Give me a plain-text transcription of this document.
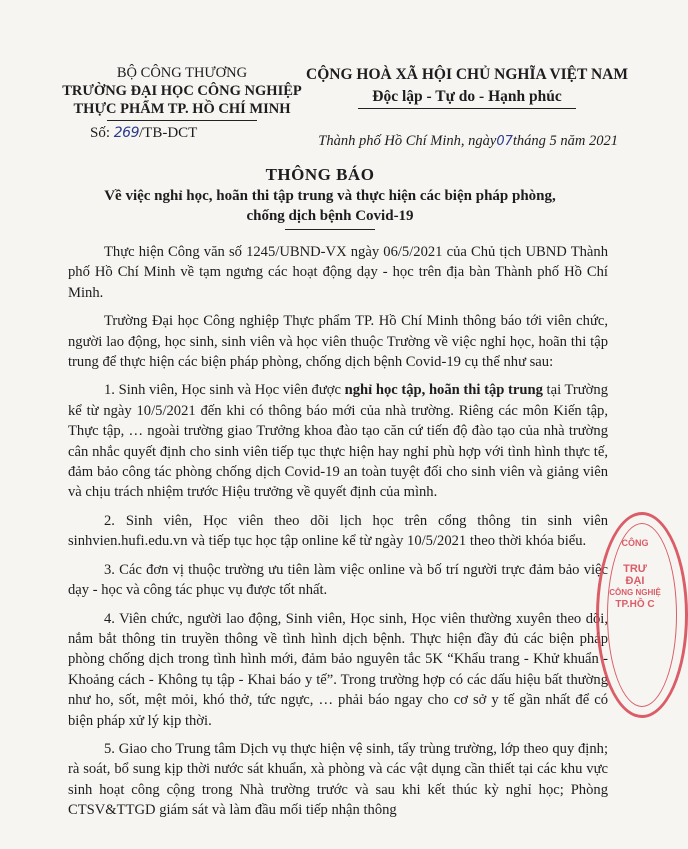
BỘ CÔNG THƯƠNG
TRƯỜNG ĐẠI HỌC CÔNG NGHIỆP
THỰC PHẨM TP. HỒ CHÍ MINH
Số: 269/TB-DCT
CỘNG HOÀ XÃ HỘI CHỦ NGHĨA VIỆT NAM
Độc lập - Tự do - Hạnh phúc
Thành phố Hồ Chí Minh, ngày07tháng 5 năm 2021
THÔNG BÁO
Về việc nghỉ học, hoãn thi tập trung và thực hiện các biện pháp phòng,
chống dịch bệnh Covid-19

Thực hiện Công văn số 1245/UBND-VX ngày 06/5/2021 của Chủ tịch UBND Thành phố Hồ Chí Minh về tạm ngưng các hoạt động dạy - học trên địa bàn Thành phố Hồ Chí Minh.

Trường Đại học Công nghiệp Thực phẩm TP. Hồ Chí Minh thông báo tới viên chức, người lao động, học sinh, sinh viên và học viên thuộc Trường về việc nghỉ học, hoãn thi tập trung để thực hiện các biện pháp phòng, chống dịch bệnh Covid-19 cụ thể như sau:

1. Sinh viên, Học sinh và Học viên được nghỉ học tập, hoãn thi tập trung tại Trường kể từ ngày 10/5/2021 đến khi có thông báo mới của nhà trường. Riêng các môn Kiến tập, Thực tập, … ngoài trường giao Trưởng khoa đào tạo căn cứ tiến độ đào tạo của nhà trường cân nhắc quyết định cho sinh viên tiếp tục thực hiện hay nghỉ phù hợp với tình hình thực tế, đảm bảo công tác phòng chống dịch Covid-19 an toàn tuyệt đối cho sinh viên và giảng viên và chịu trách nhiệm trước Hiệu trưởng về quyết định của mình.

2. Sinh viên, Học viên theo dõi lịch học trên cổng thông tin sinh viên sinhvien.hufi.edu.vn và tiếp tục học tập online kể từ ngày 10/5/2021 theo thời khóa biểu.

3. Các đơn vị thuộc trường ưu tiên làm việc online và bố trí người trực đảm bảo việc dạy - học và công tác phục vụ được tốt nhất.

4. Viên chức, người lao động, Sinh viên, Học sinh, Học viên thường xuyên theo dõi, nắm bắt thông tin truyền thông về tình hình dịch bệnh. Thực hiện đầy đủ các biện pháp phòng chống dịch trong tình hình mới, đảm bảo nguyên tắc 5K “Khẩu trang - Khử khuẩn - Khoảng cách - Không tụ tập - Khai báo y tế”. Trong trường hợp có các dấu hiệu bất thường như ho, sốt, mệt mỏi, khó thở, tức ngực, … phải báo ngay cho cơ sở y tế gần nhất để có biện pháp xử lý kịp thời.

5. Giao cho Trung tâm Dịch vụ thực hiện vệ sinh, tẩy trùng trường, lớp theo quy định; rà soát, bổ sung kịp thời nước sát khuẩn, xà phòng và các vật dụng cần thiết tại các khu vực sinh hoạt công cộng trong Nhà trường trước và sau khi kết thúc kỳ nghỉ học; Phòng CTSV&TTGD giám sát và làm đầu mối tiếp nhận thông

CÔNG
TRƯ
ĐẠI
CÔNG NGHIỆ
TP.HỒ C
